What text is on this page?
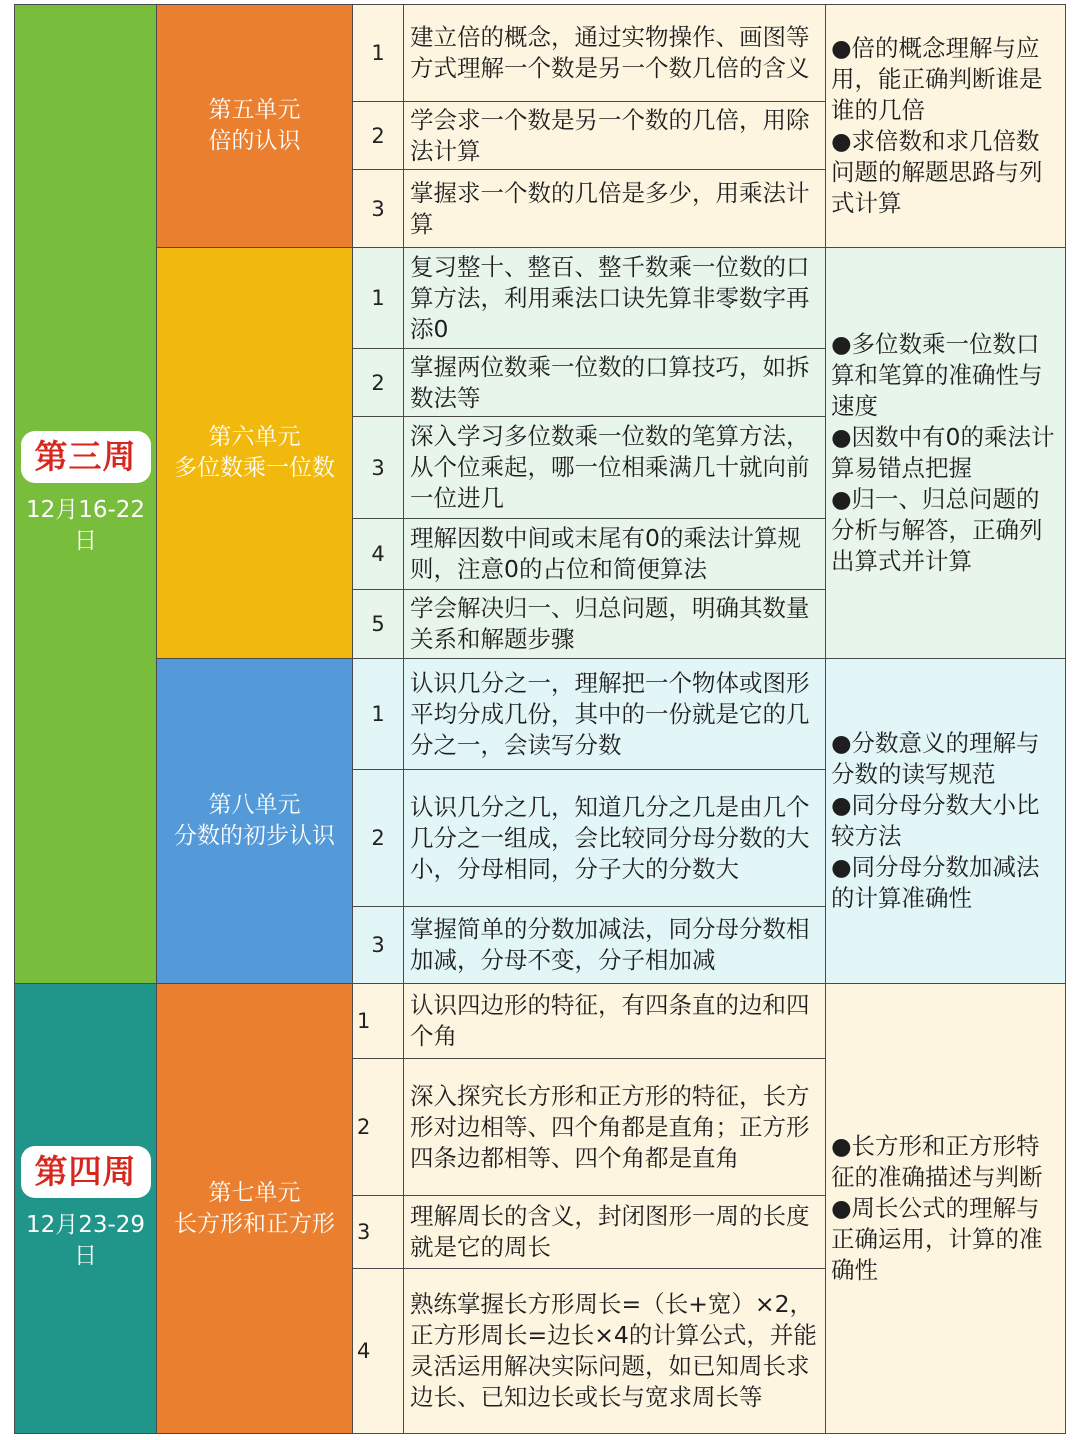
第三周
12月16-22日
第四周
12月23-29日
第五单元
倍的认识
1
建立倍的概念，通过实物操作、画图等方式理解一个数是另一个数几倍的含义
2
学会求一个数是另一个数的几倍，用除法计算
3
掌握求一个数的几倍是多少，用乘法计算
●倍的概念理解与应用，能正确判断谁是谁的几倍
●求倍数和求几倍数问题的解题思路与列式计算
第六单元
多位数乘一位数
1
复习整十、整百、整千数乘一位数的口算方法，利用乘法口诀先算非零数字再添0
2
掌握两位数乘一位数的口算技巧，如拆数法等
3
深入学习多位数乘一位数的笔算方法，从个位乘起，哪一位相乘满几十就向前一位进几
4
理解因数中间或末尾有0的乘法计算规则，注意0的占位和简便算法
5
学会解决归一、归总问题，明确其数量关系和解题步骤
●多位数乘一位数口算和笔算的准确性与速度
●因数中有0的乘法计算易错点把握
●归一、归总问题的分析与解答，正确列出算式并计算
第八单元
分数的初步认识
1
认识几分之一，理解把一个物体或图形平均分成几份，其中的一份就是它的几分之一，会读写分数
2
认识几分之几，知道几分之几是由几个几分之一组成，会比较同分母分数的大小，分母相同，分子大的分数大
3
掌握简单的分数加减法，同分母分数相加减，分母不变，分子相加减
●分数意义的理解与分数的读写规范
●同分母分数大小比较方法
●同分母分数加减法的计算准确性
第七单元
长方形和正方形
1
认识四边形的特征，有四条直的边和四个角
2
深入探究长方形和正方形的特征，长方形对边相等、四个角都是直角；正方形四条边都相等、四个角都是直角
3
理解周长的含义，封闭图形一周的长度就是它的周长
4
熟练掌握长方形周长=（长+宽）×2，正方形周长=边长×4的计算公式，并能灵活运用解决实际问题，如已知周长求边长、已知边长或长与宽求周长等
●长方形和正方形特征的准确描述与判断
●周长公式的理解与正确运用，计算的准确性
